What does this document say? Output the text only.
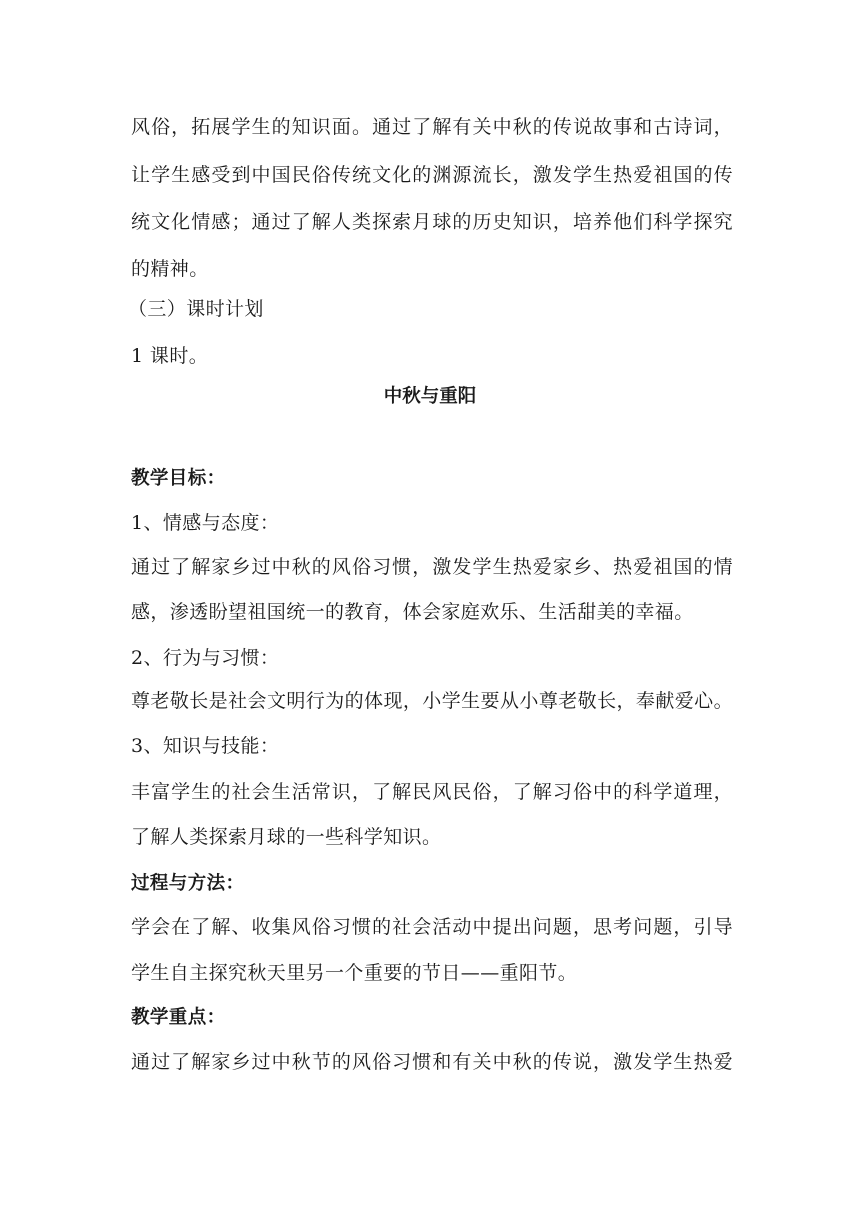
风俗，拓展学生的知识面。通过了解有关中秋的传说故事和古诗词，
让学生感受到中国民俗传统文化的渊源流长，激发学生热爱祖国的传
统文化情感；通过了解人类探索月球的历史知识，培养他们科学探究
的精神。
（三）课时计划
1 课时。
中秋与重阳
教学目标：
1、情感与态度：
通过了解家乡过中秋的风俗习惯，激发学生热爱家乡、热爱祖国的情
感，渗透盼望祖国统一的教育，体会家庭欢乐、生活甜美的幸福。
2、行为与习惯：
尊老敬长是社会文明行为的体现，小学生要从小尊老敬长，奉献爱心。
3、知识与技能：
丰富学生的社会生活常识，了解民风民俗，了解习俗中的科学道理，
了解人类探索月球的一些科学知识。
过程与方法：
学会在了解、收集风俗习惯的社会活动中提出问题，思考问题，引导
学生自主探究秋天里另一个重要的节日——重阳节。
教学重点：
通过了解家乡过中秋节的风俗习惯和有关中秋的传说，激发学生热爱
